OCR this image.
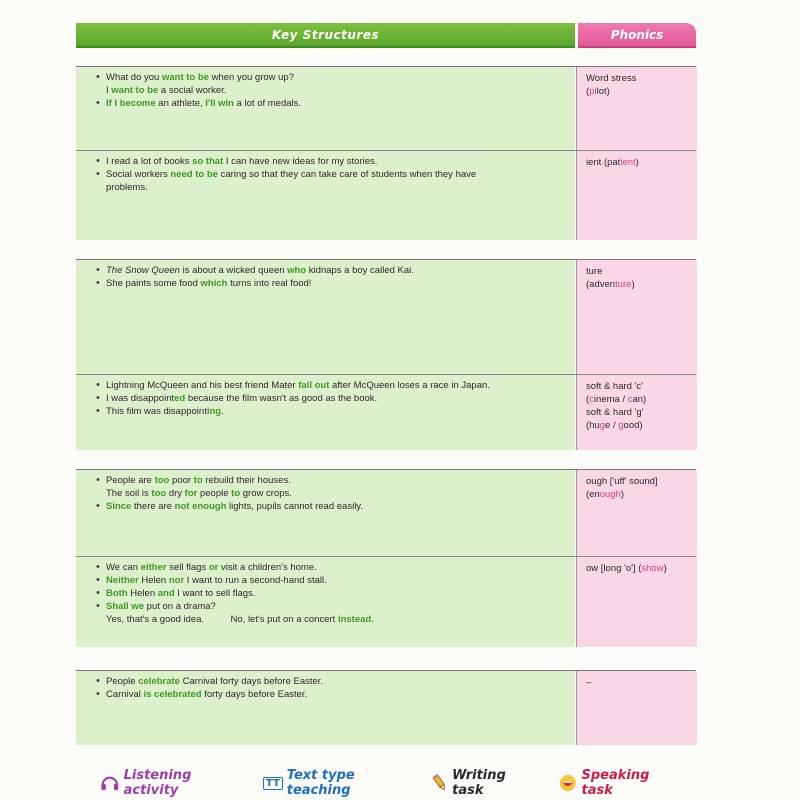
Key Structures	Phonics
• What do you want to be when you grow up?
I want to be a social worker.
• If I become an athlete, I'll win a lot of medals.
Word stress
(pilot)
• I read a lot of books so that I can have new ideas for my stories.
• Social workers need to be caring so that they can take care of students when they have
problems.
ient (patient)
• The Snow Queen is about a wicked queen who kidnaps a boy called Kai.
• She paints some food which turns into real food!
ture
(adventure)
• Lightning McQueen and his best friend Mater fall out after McQueen loses a race in Japan.
• I was disappointed because the film wasn't as good as the book.
• This film was disappointing.
soft & hard 'c'
(cinema / can)
soft & hard 'g'
(huge / good)
• People are too poor to rebuild their houses.
The soil is too dry for people to grow crops.
• Since there are not enough lights, pupils cannot read easily.
ough ['uff' sound]
(enough)
• We can either sell flags or visit a children's home.
• Neither Helen nor I want to run a second-hand stall.
• Both Helen and I want to sell flags.
• Shall we put on a drama?
Yes, that's a good idea.          No, let's put on a concert instead.
ow [long 'o'] (show)
• People celebrate Carnival forty days before Easter.
• Carnival is celebrated forty days before Easter.
–
Listening activity	TT Text type teaching
Writing task
Speaking task
